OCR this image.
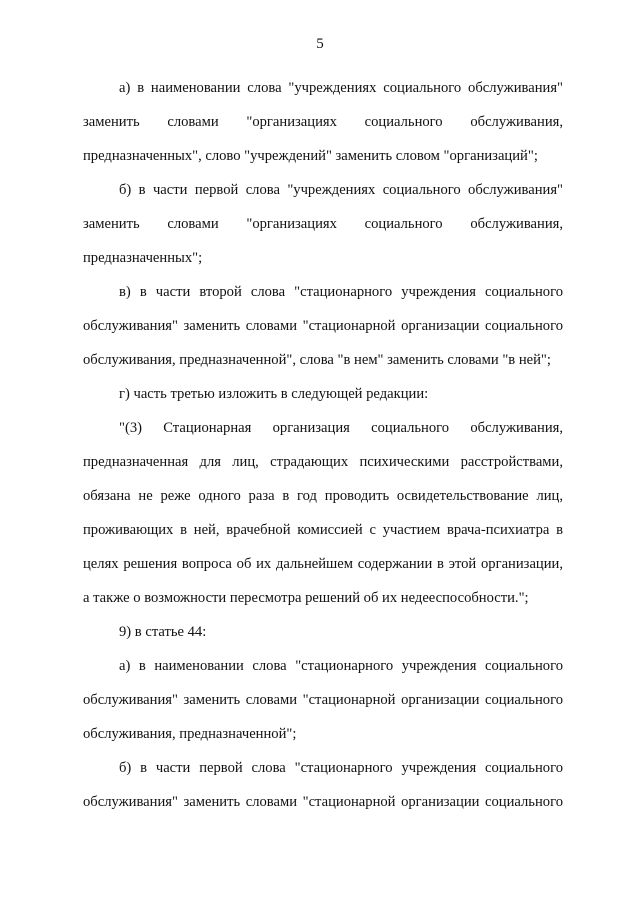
5

а) в наименовании слова "учреждениях социального обслуживания" заменить словами "организациях социального обслуживания, предназначенных", слово "учреждений" заменить словом "организаций";

б) в части первой слова "учреждениях социального обслуживания" заменить словами "организациях социального обслуживания, предназначенных";

в) в части второй слова "стационарного учреждения социального обслуживания" заменить словами "стационарной организации социального обслуживания, предназначенной", слова "в нем" заменить словами "в ней";

г) часть третью изложить в следующей редакции:

"(3) Стационарная организация социального обслуживания, предназначенная для лиц, страдающих психическими расстройствами, обязана не реже одного раза в год проводить освидетельствование лиц, проживающих в ней, врачебной комиссией с участием врача-психиатра в целях решения вопроса об их дальнейшем содержании в этой организации, а также о возможности пересмотра решений об их недееспособности.";

9) в статье 44:

а) в наименовании слова "стационарного учреждения социального обслуживания" заменить словами "стационарной организации социального обслуживания, предназначенной";

б) в части первой слова "стационарного учреждения социального обслуживания" заменить словами "стационарной организации социального
